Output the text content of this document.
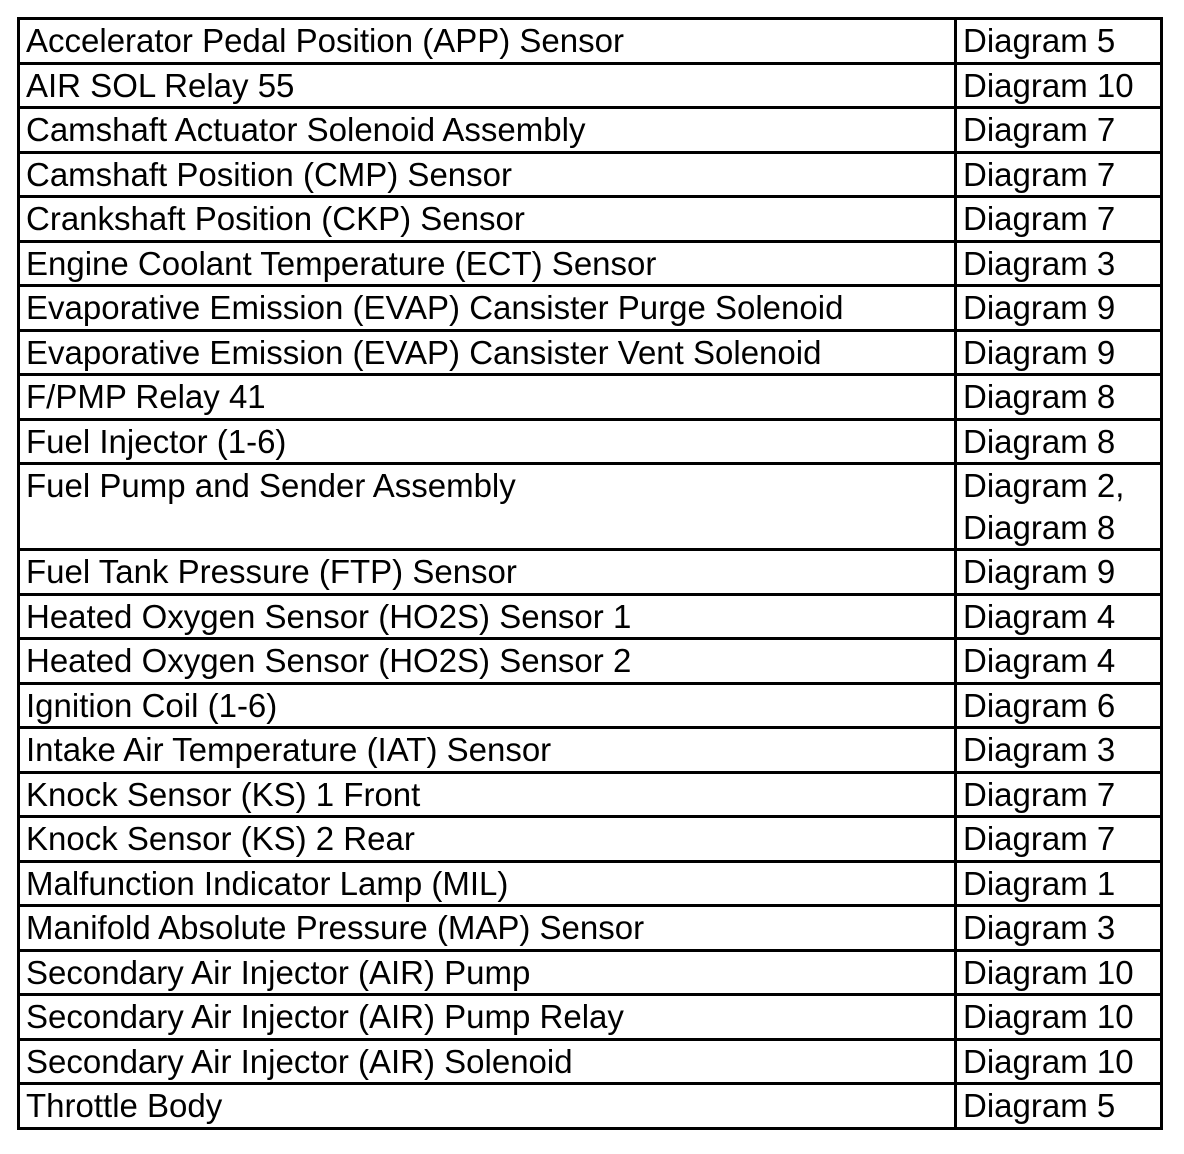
Accelerator Pedal Position (APP) Sensor	Diagram 5

AIR SOL Relay 55	Diagram 10

Camshaft Actuator Solenoid Assembly	Diagram 7

Camshaft Position (CMP) Sensor	Diagram 7

Crankshaft Position (CKP) Sensor	Diagram 7

Engine Coolant Temperature (ECT) Sensor	Diagram 3

Evaporative Emission (EVAP) Cansister Purge Solenoid	Diagram 9

Evaporative Emission (EVAP) Cansister Vent Solenoid	Diagram 9

F/PMP Relay 41	Diagram 8

Fuel Injector (1-6)	Diagram 8

Fuel Pump and Sender Assembly	Diagram 2,
Diagram 8

Fuel Tank Pressure (FTP) Sensor	Diagram 9

Heated Oxygen Sensor (HO2S) Sensor 1	Diagram 4

Heated Oxygen Sensor (HO2S) Sensor 2	Diagram 4

Ignition Coil (1-6)	Diagram 6

Intake Air Temperature (IAT) Sensor	Diagram 3

Knock Sensor (KS) 1 Front	Diagram 7

Knock Sensor (KS) 2 Rear	Diagram 7

Malfunction Indicator Lamp (MIL)	Diagram 1

Manifold Absolute Pressure (MAP) Sensor	Diagram 3

Secondary Air Injector (AIR) Pump	Diagram 10

Secondary Air Injector (AIR) Pump Relay	Diagram 10

Secondary Air Injector (AIR) Solenoid	Diagram 10

Throttle Body	Diagram 5
